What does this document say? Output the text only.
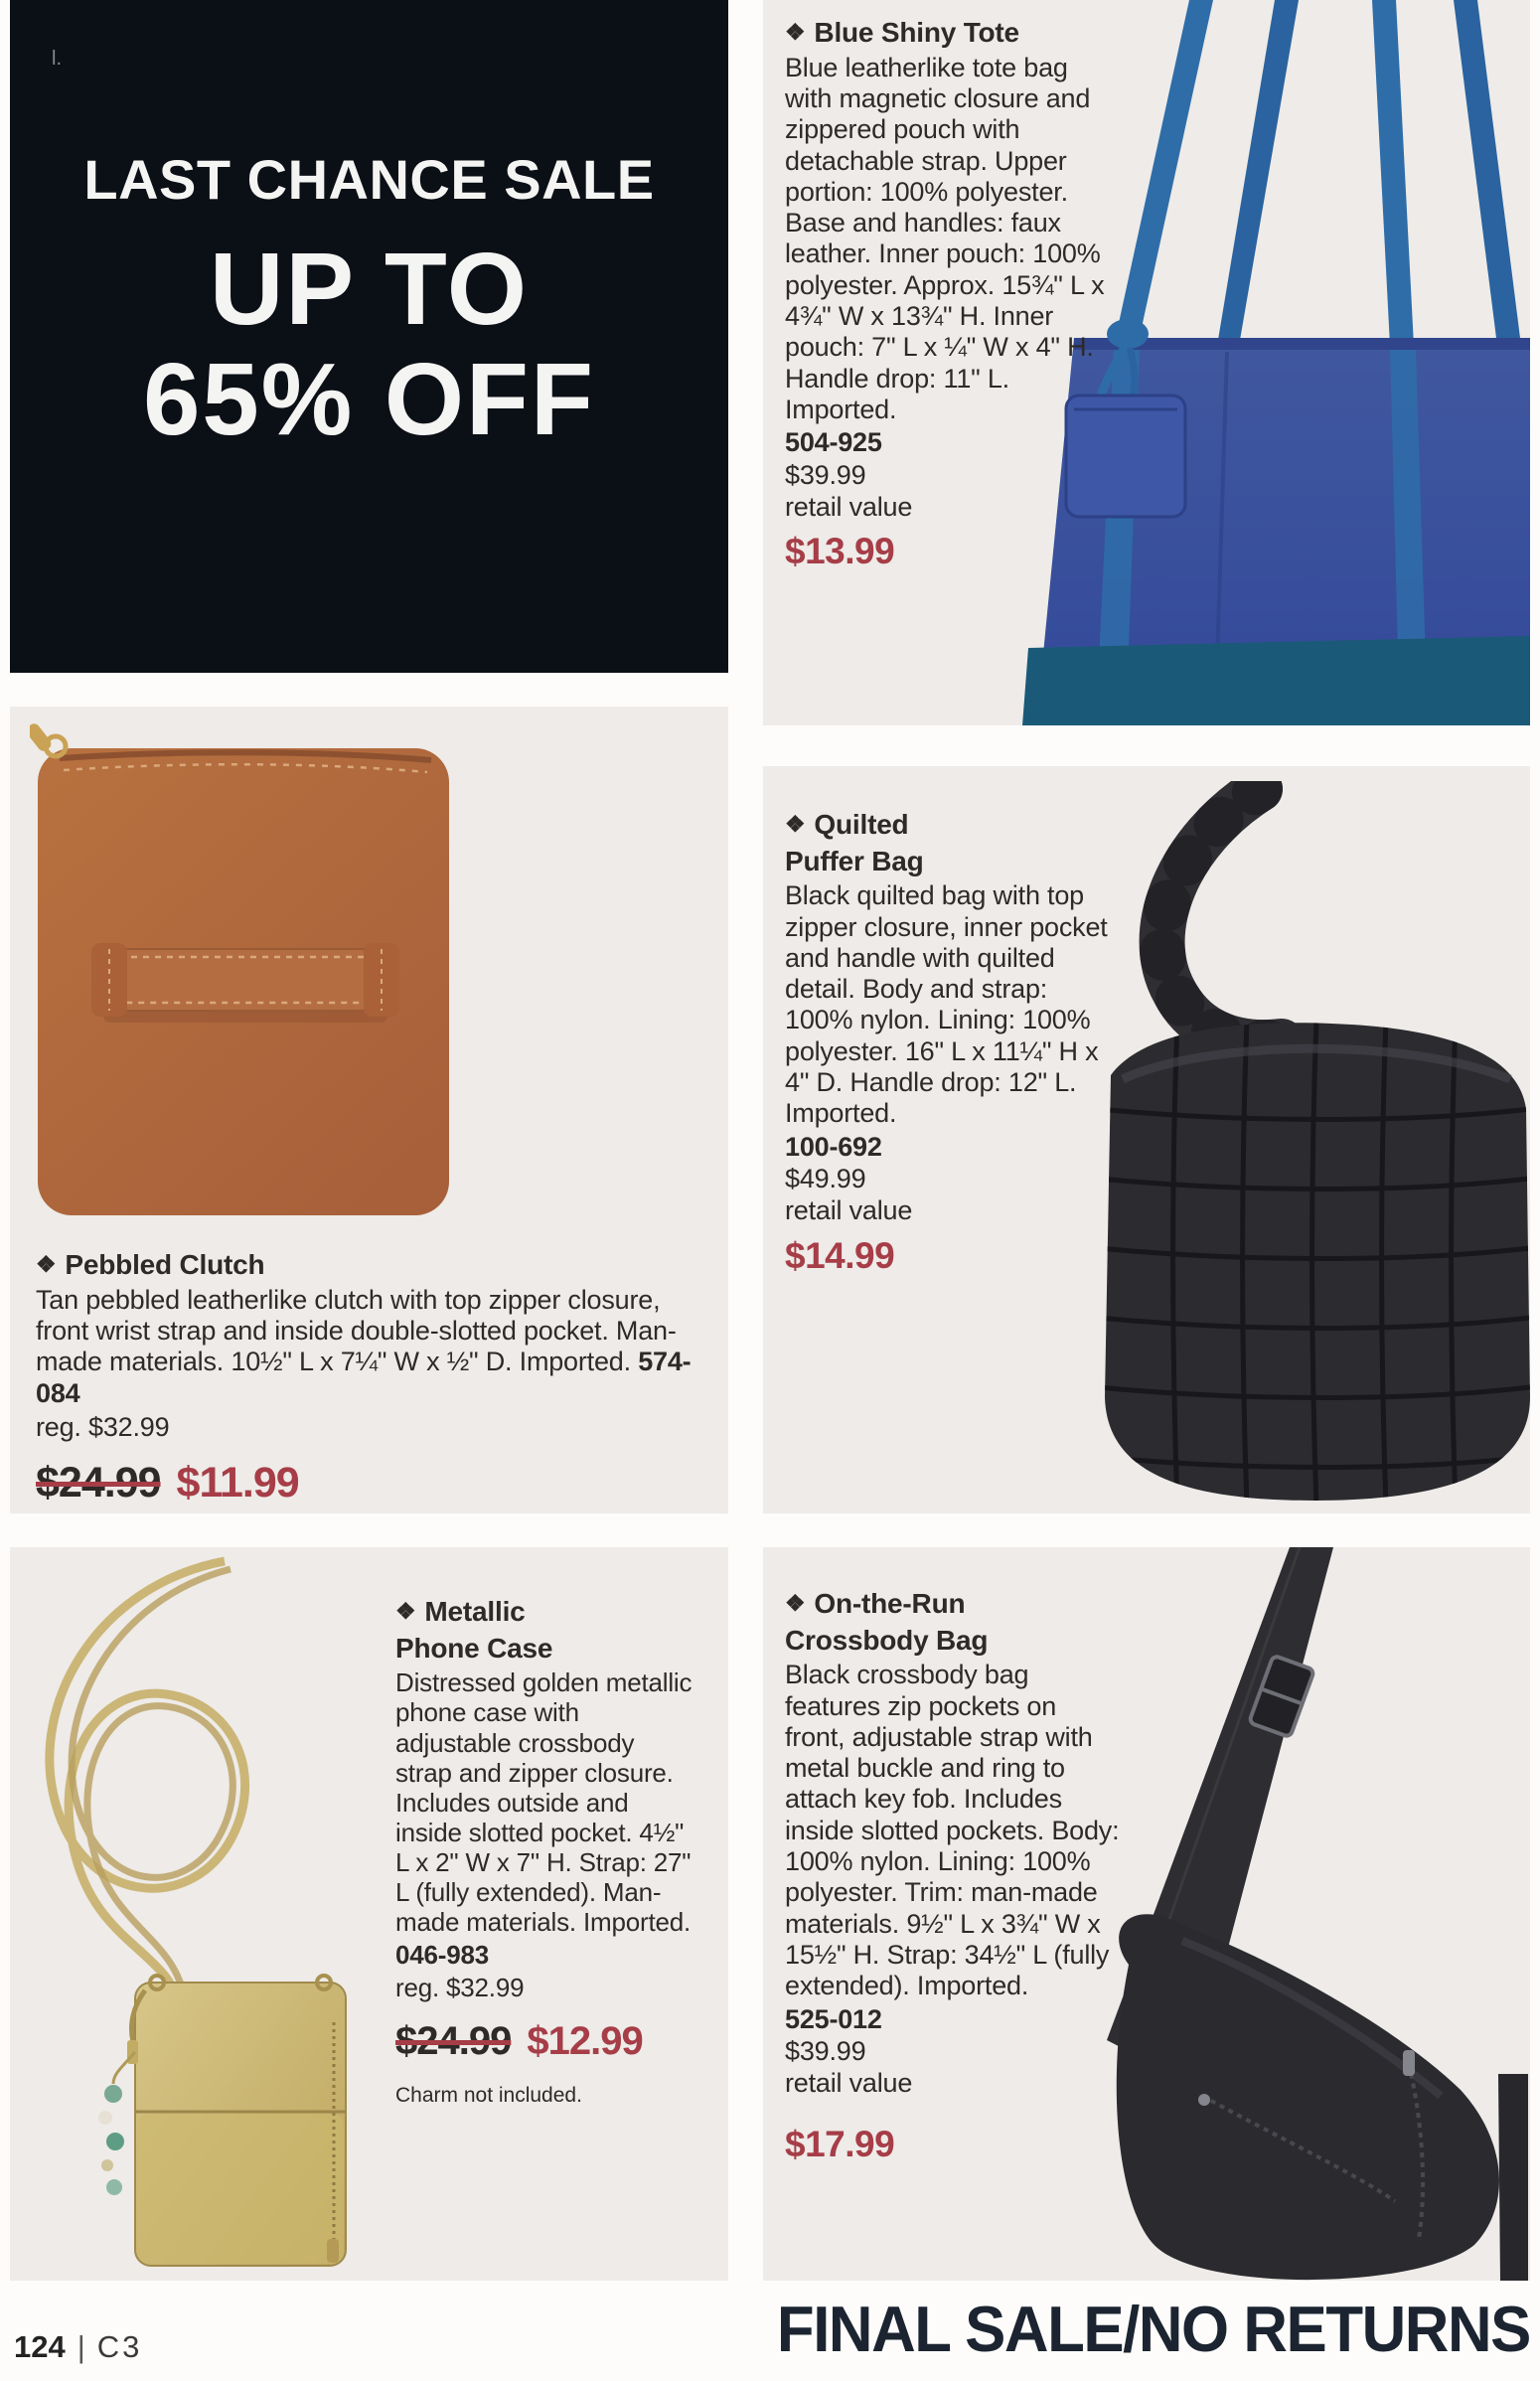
l.
LAST CHANCE SALE
UP TO
65% OFF
❖ Blue Shiny Tote

Blue leatherlike tote bag with magnetic closure and zippered pouch with detachable strap. Upper portion: 100% polyester. Base and handles: faux leather. Inner pouch: 100% polyester. Approx. 15¾" L x 4¾" W x 13¾" H. Inner pouch: 7" L x ¼" W x 4" H. Handle drop: 11" L. Imported.

504-925
$39.99
retail value
$13.99
❖ Pebbled Clutch

Tan pebbled leatherlike clutch with top zipper closure, front wrist strap and inside double-slotted pocket. Man-made materials. 10½" L x 7¼" W x ½" D. Imported. 574-084

reg. $32.99
$24.99 $11.99
❖ Quilted
Puffer Bag

Black quilted bag with top zipper closure, inner pocket and handle with quilted detail. Body and strap: 100% nylon. Lining: 100% polyester. 16" L x 11¼" H x 4" D. Handle drop: 12" L. Imported.

100-692
$49.99
retail value
$14.99
❖ Metallic
Phone Case

Distressed golden metallic phone case with adjustable crossbody strap and zipper closure. Includes outside and inside slotted pocket. 4½" L x 2" W x 7" H. Strap: 27" L (fully extended). Man-made materials. Imported.

046-983
reg. $32.99
$24.99 $12.99
Charm not included.
❖ On-the-Run
Crossbody Bag

Black crossbody bag features zip pockets on front, adjustable strap with metal buckle and ring to attach key fob. Includes inside slotted pockets. Body: 100% nylon. Lining: 100% polyester. Trim: man-made materials. 9½" L x 3¾" W x 15½" H. Strap: 34½" L (fully extended). Imported.

525-012
$39.99
retail value
$17.99
124 | C3	FINAL SALE/NO RETURNS
